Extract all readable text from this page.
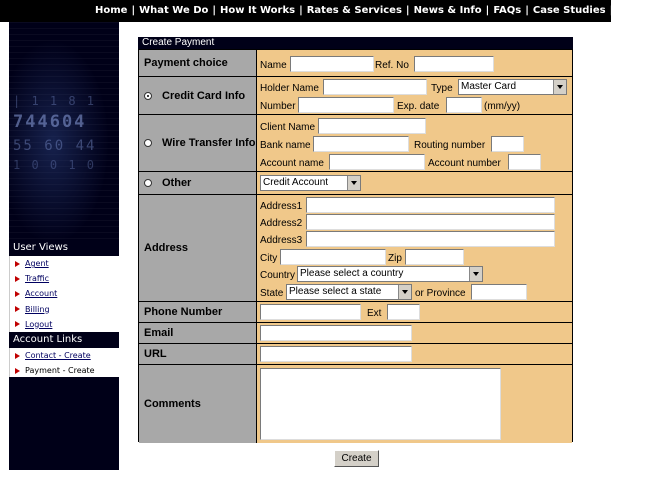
Home | What We Do | How It Works | Rates & Services | News & Info | FAQs | Case Studies | Partners
| 1 1 8 1
744604
55 60 44
1 0 0 1 0
User Views
Agent
Traffic
Account
Billing
Logout
Account Links
Contact - Create
Payment - Create
Create Payment
Payment choice	Name	Ref. No
Credit Card Info
Holder Name	Type Master Card
Number	Exp. date	(mm/yy)
Wire Transfer Info
Client Name
Bank name	Routing number
Account name	Account number
Other	Credit Account
Address
Address1
Address2
Address3
City	Zip
Country Please select a country
State Please select a state	or Province
Phone Number	Ext
Email
URL
Comments
Create
